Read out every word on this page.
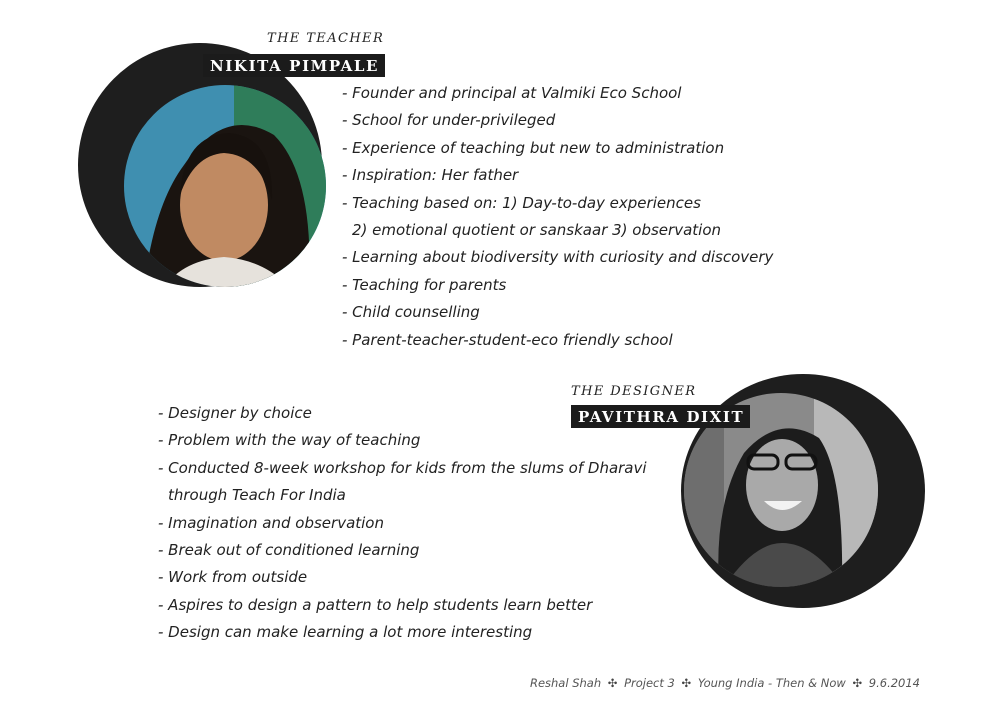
THE TEACHER
NIKITA PIMPALE
- Founder and principal at Valmiki Eco School
- School for under-privileged
- Experience of teaching but new to administration
- Inspiration: Her father
- Teaching based on: 1) Day-to-day experiences
2) emotional quotient or sanskaar 3) observation
- Learning about biodiversity with curiosity and discovery
- Teaching for parents
- Child counselling
- Parent-teacher-student-eco friendly school
THE DESIGNER
PAVITHRA DIXIT
- Designer by choice
- Problem with the way of teaching
- Conducted 8-week workshop for kids from the slums of Dharavi
through Teach For India
- Imagination and observation
- Break out of conditioned learning
- Work from outside
- Aspires to design a pattern to help students learn better
- Design can make learning a lot more interesting
Reshal Shah ✣ Project 3 ✣ Young India - Then & Now ✣ 9.6.2014
